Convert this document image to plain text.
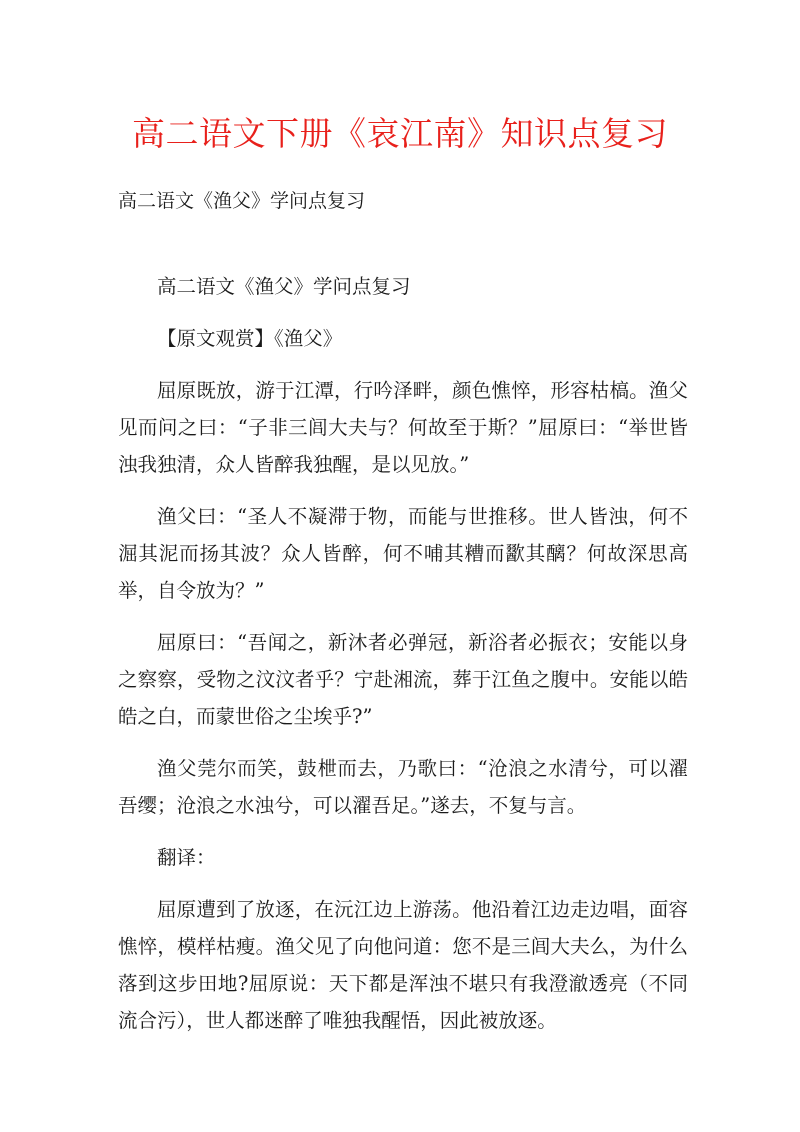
高二语文下册《哀江南》知识点复习
高二语文《渔父》学问点复习

高二语文《渔父》学问点复习

【原文观赏】《渔父》

屈原既放，游于江潭，行吟泽畔，颜色憔悴，形容枯槁。渔父见而问之曰：“子非三闾大夫与？何故至于斯？”屈原曰：“举世皆浊我独清，众人皆醉我独醒，是以见放。”

渔父曰：“圣人不凝滞于物，而能与世推移。世人皆浊，何不淈其泥而扬其波？众人皆醉，何不哺其糟而歠其醨？何故深思高举，自令放为？”

屈原曰：“吾闻之，新沐者必弹冠，新浴者必振衣；安能以身之察察，受物之汶汶者乎？宁赴湘流，葬于江鱼之腹中。安能以皓皓之白，而蒙世俗之尘埃乎?”

渔父莞尔而笑，鼓枻而去，乃歌曰：“沧浪之水清兮，可以濯吾缨；沧浪之水浊兮，可以濯吾足。”遂去，不复与言。

翻译：

屈原遭到了放逐，在沅江边上游荡。他沿着江边走边唱，面容憔悴，模样枯瘦。渔父见了向他问道：您不是三闾大夫么，为什么落到这步田地?屈原说：天下都是浑浊不堪只有我澄澈透亮（不同流合污），世人都迷醉了唯独我醒悟，因此被放逐。
